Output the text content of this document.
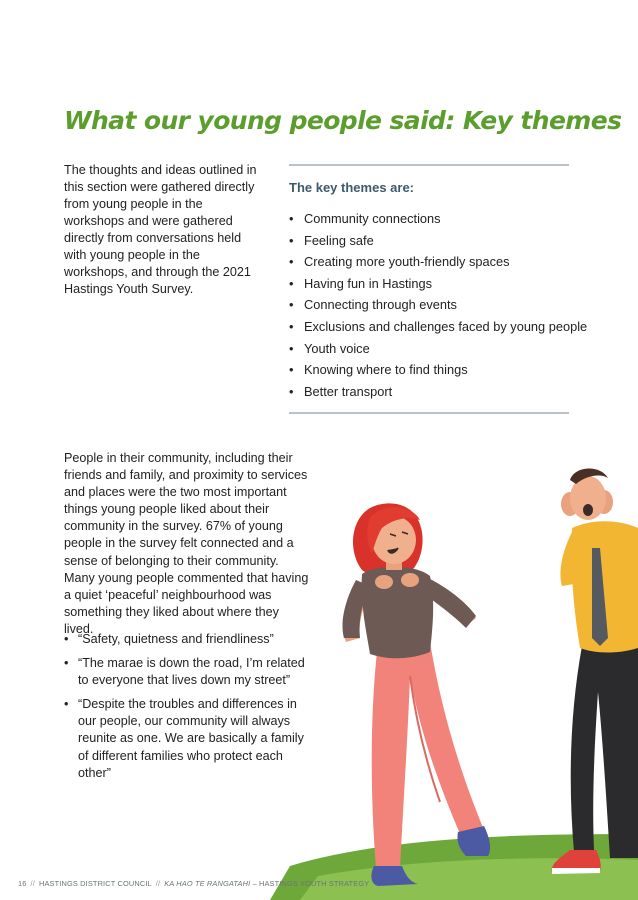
What our young people said: Key themes

The thoughts and ideas outlined in this section were gathered directly from young people in the workshops and were gathered directly from conversations held with young people in the workshops, and through the 2021 Hastings Youth Survey.

The key themes are:
• Community connections
• Feeling safe
• Creating more youth-friendly spaces
• Having fun in Hastings
• Connecting through events
• Exclusions and challenges faced by young people
• Youth voice
• Knowing where to find things
• Better transport

People in their community, including their friends and family, and proximity to services and places were the two most important things young people liked about their community in the survey. 67% of young people in the survey felt connected and a sense of belonging to their community. Many young people commented that having a quiet ‘peaceful’ neighbourhood was something they liked about where they lived.

• “Safety, quietness and friendliness”
• “The marae is down the road, I’m related to everyone that lives down my street”
• “Despite the troubles and differences in our people, our community will always reunite as one. We are basically a family of different families who protect each other”

16 // HASTINGS DISTRICT COUNCIL // KA HAO TE RANGATAHI – HASTINGS YOUTH STRATEGY
